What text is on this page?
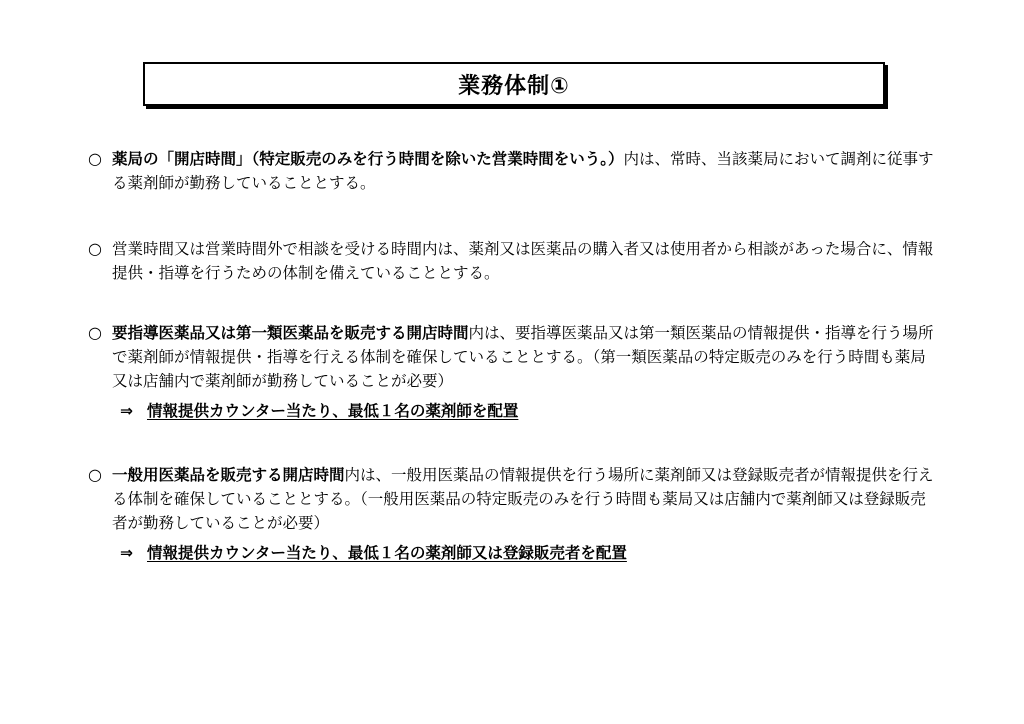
業務体制①
○ 薬局の「開店時間」（特定販売のみを行う時間を除いた営業時間をいう。）内は、常時、当該薬局において調剤に従事する薬剤師が勤務していることとする。

○ 営業時間又は営業時間外で相談を受ける時間内は、薬剤又は医薬品の購入者又は使用者から相談があった場合に、情報提供・指導を行うための体制を備えていることとする。

○ 要指導医薬品又は第一類医薬品を販売する開店時間内は、要指導医薬品又は第一類医薬品の情報提供・指導を行う場所で薬剤師が情報提供・指導を行える体制を確保していることとする。（第一類医薬品の特定販売のみを行う時間も薬局又は店舗内で薬剤師が勤務していることが必要）

⇒ 情報提供カウンター当たり、最低１名の薬剤師を配置
○ 一般用医薬品を販売する開店時間内は、一般用医薬品の情報提供を行う場所に薬剤師又は登録販売者が情報提供を行える体制を確保していることとする。（一般用医薬品の特定販売のみを行う時間も薬局又は店舗内で薬剤師又は登録販売者が勤務していることが必要）

⇒ 情報提供カウンター当たり、最低１名の薬剤師又は登録販売者を配置
